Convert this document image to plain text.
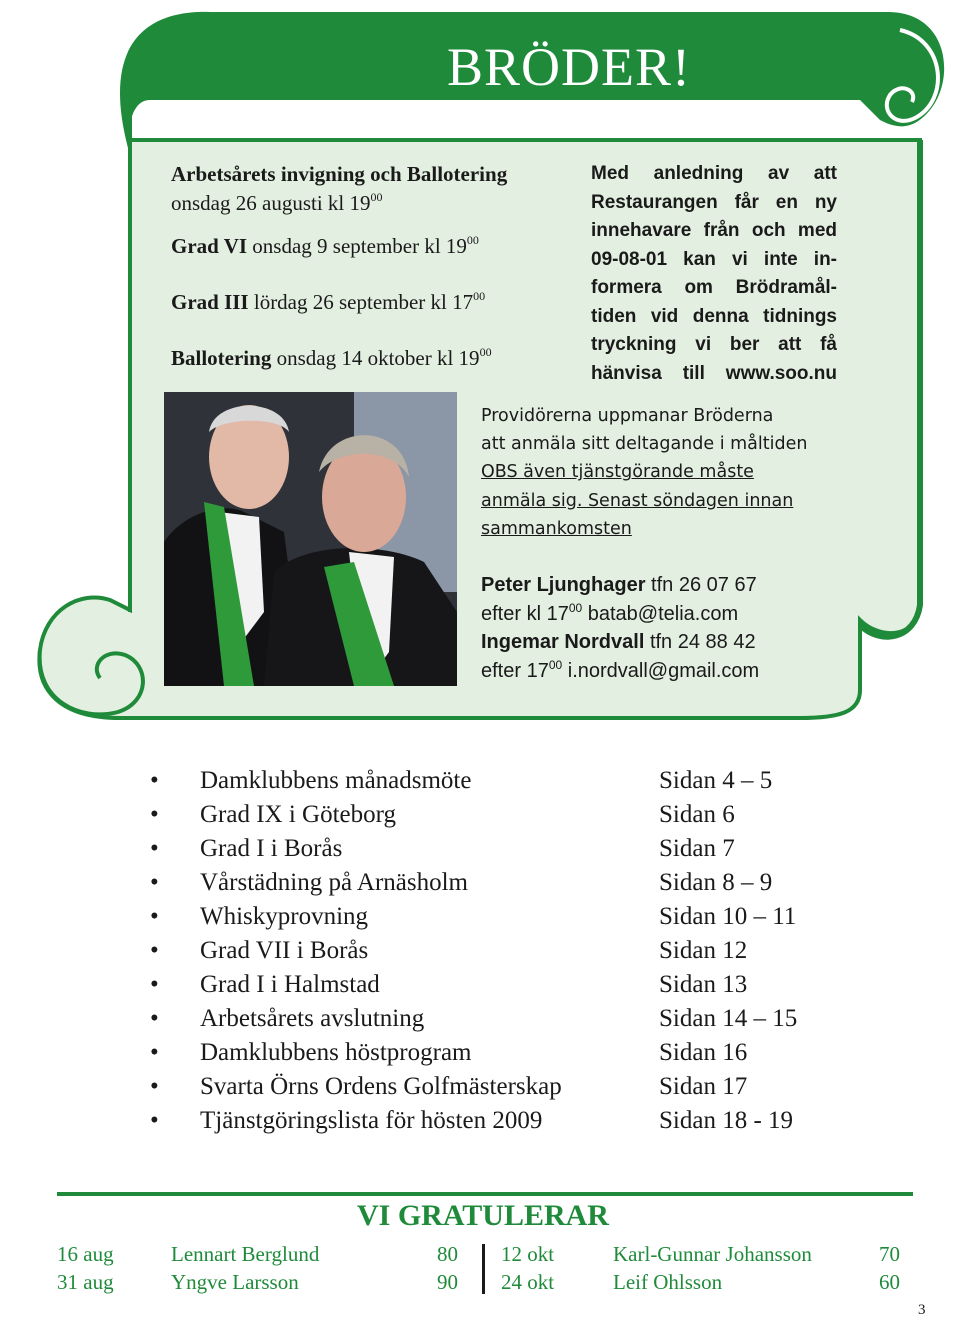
BRÖDER!
Arbetsårets invigning och Ballotering
onsdag 26 augusti kl $19^{00}$
Grad VI onsdag 9 september kl $19^{00}$
Grad III lördag 26 september kl $17^{00}$
Ballotering onsdag 14 oktober kl $19^{00}$
Med anledning av att
Restaurangen får en ny
innehavare från och med
09-08-01 kan vi inte in-
formera om Brödramål-
tiden vid denna tidnings
tryckning vi ber att få
hänvisa till www.soo.nu
Providörerna uppmanar Bröderna
att anmäla sitt deltagande i måltiden
OBS även tjänstgörande måste
anmäla sig. Senast söndagen innan
sammankomsten
Peter Ljunghager tfn 26 07 67
efter kl $17^{00}$ batab@telia.com
Ingemar Nordvall tfn 24 88 42
efter $17^{00}$ i.nordvall@gmail.com
• Damklubbens månadsmöte	Sidan 4 – 5
• Grad IX i Göteborg	Sidan 6
• Grad I i Borås	Sidan 7
• Vårstädning på Arnäsholm	Sidan 8 – 9
• Whiskyprovning	Sidan 10 – 11
• Grad VII i Borås	Sidan 12
• Grad I i Halmstad	Sidan 13
• Arbetsårets avslutning	Sidan 14 – 15
• Damklubbens höstprogram	Sidan 16
• Svarta Örns Ordens Golfmästerskap	Sidan 17
• Tjänstgöringslista för hösten 2009	Sidan 18 - 19
VI GRATULERAR
16 aug	Lennart Berglund	80
31 aug	Yngve Larsson	90
12 okt	Karl-Gunnar Johansson	70
24 okt	Leif Ohlsson	60
3
